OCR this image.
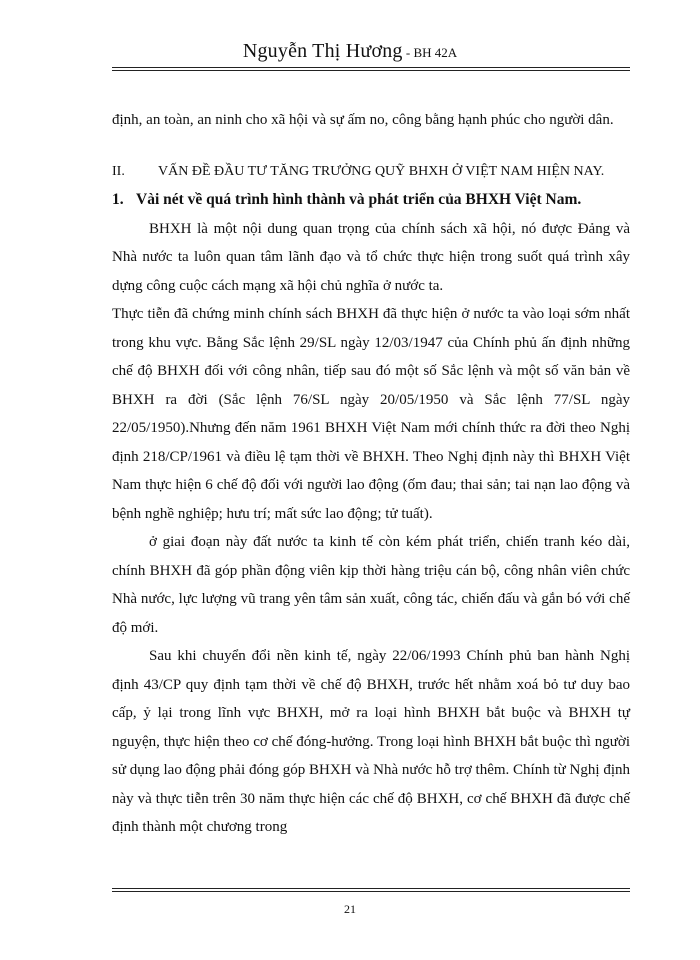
Nguyễn Thị Hương - BH 42A

định, an toàn, an ninh cho xã hội và sự ấm no, công bằng hạnh phúc cho người dân.

II. VẤN ĐỀ ĐẦU TƯ TĂNG TRƯỞNG QUỸ BHXH Ở VIỆT NAM HIỆN NAY.

1. Vài nét về quá trình hình thành và phát triển của BHXH Việt Nam.

BHXH là một nội dung quan trọng của chính sách xã hội, nó được Đảng và Nhà nước ta luôn quan tâm lãnh đạo và tổ chức thực hiện trong suốt quá trình xây dựng công cuộc cách mạng xã hội chủ nghĩa ở nước ta.

Thực tiễn đã chứng minh chính sách BHXH đã thực hiện ở nước ta vào loại sớm nhất trong khu vực. Bằng Sắc lệnh 29/SL ngày 12/03/1947 của Chính phủ ấn định những chế độ BHXH đối với công nhân, tiếp sau đó một số Sắc lệnh và một số văn bản về BHXH ra đời (Sắc lệnh 76/SL ngày 20/05/1950 và Sắc lệnh 77/SL ngày 22/05/1950).Nhưng đến năm 1961 BHXH Việt Nam mới chính thức ra đời theo Nghị định 218/CP/1961 và điều lệ tạm thời về BHXH. Theo Nghị định này thì BHXH Việt Nam thực hiện 6 chế độ đối với người lao động (ốm đau; thai sản; tai nạn lao động và bệnh nghề nghiệp; hưu trí; mất sức lao động; tử tuất).

ở giai đoạn này đất nước ta kinh tế còn kém phát triển, chiến tranh kéo dài, chính BHXH đã góp phần động viên kịp thời hàng triệu cán bộ, công nhân viên chức Nhà nước, lực lượng vũ trang yên tâm sản xuất, công tác, chiến đấu và gắn bó với chế độ mới.

Sau khi chuyển đổi nền kinh tế, ngày 22/06/1993 Chính phủ ban hành Nghị định 43/CP quy định tạm thời về chế độ BHXH, trước hết nhằm xoá bỏ tư duy bao cấp, ỷ lại trong lĩnh vực BHXH, mở ra loại hình BHXH bắt buộc và BHXH tự nguyện, thực hiện theo cơ chế đóng-hưởng. Trong loại hình BHXH bắt buộc thì người sử dụng lao động phải đóng góp BHXH và Nhà nước hỗ trợ thêm. Chính từ Nghị định này và thực tiễn trên 30 năm thực hiện các chế độ BHXH, cơ chế BHXH đã được chế định thành một chương trong

21
